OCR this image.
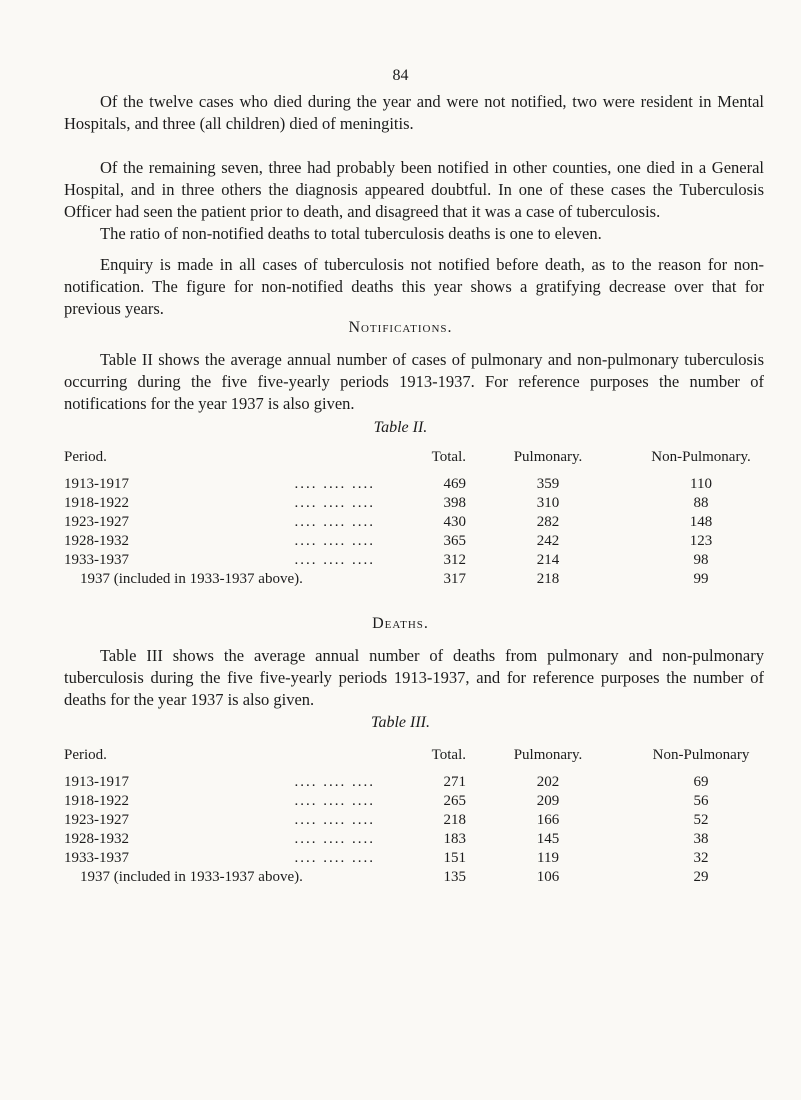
84

Of the twelve cases who died during the year and were not notified, two were resident in Mental Hospitals, and three (all children) died of meningitis.

Of the remaining seven, three had probably been notified in other counties, one died in a General Hospital, and in three others the diagnosis appeared doubtful. In one of these cases the Tuberculosis Officer had seen the patient prior to death, and disagreed that it was a case of tuberculosis.

The ratio of non-notified deaths to total tuberculosis deaths is one to eleven.

Enquiry is made in all cases of tuberculosis not notified before death, as to the reason for nonnotification. The figure for non-notified deaths this year shows a gratifying decrease over that for previous years.

Notifications.

Table II shows the average annual number of cases of pulmonary and non-pulmonary tuberculosis occurring during the five five-yearly periods 1913-1937. For reference purposes the number of notifications for the year 1937 is also given.

Table II.
Period.	Total.	Pulmonary.	Non-Pulmonary.
1913-1917 .... .... ....	469	359	110
1918-1922 .... .... ....	398	310	88
1923-1927 .... .... ....	430	282	148
1928-1932 .... .... ....	365	242	123
1933-1937 .... .... ....	312	214	98
1937 (included in 1933-1937 above).	317	218	99
Deaths.

Table III shows the average annual number of deaths from pulmonary and non-pulmonary tuberculosis during the five five-yearly periods 1913-1937, and for reference purposes the number of deaths for the year 1937 is also given.

Table III.
Period.	Total.	Pulmonary.	Non-Pulmonary
1913-1917 .... .... ....	271	202	69
1918-1922 .... .... ....	265	209	56
1923-1927 .... .... ....	218	166	52
1928-1932 .... .... ....	183	145	38
1933-1937 .... .... ....	151	119	32
1937 (included in 1933-1937 above).	135	106	29
